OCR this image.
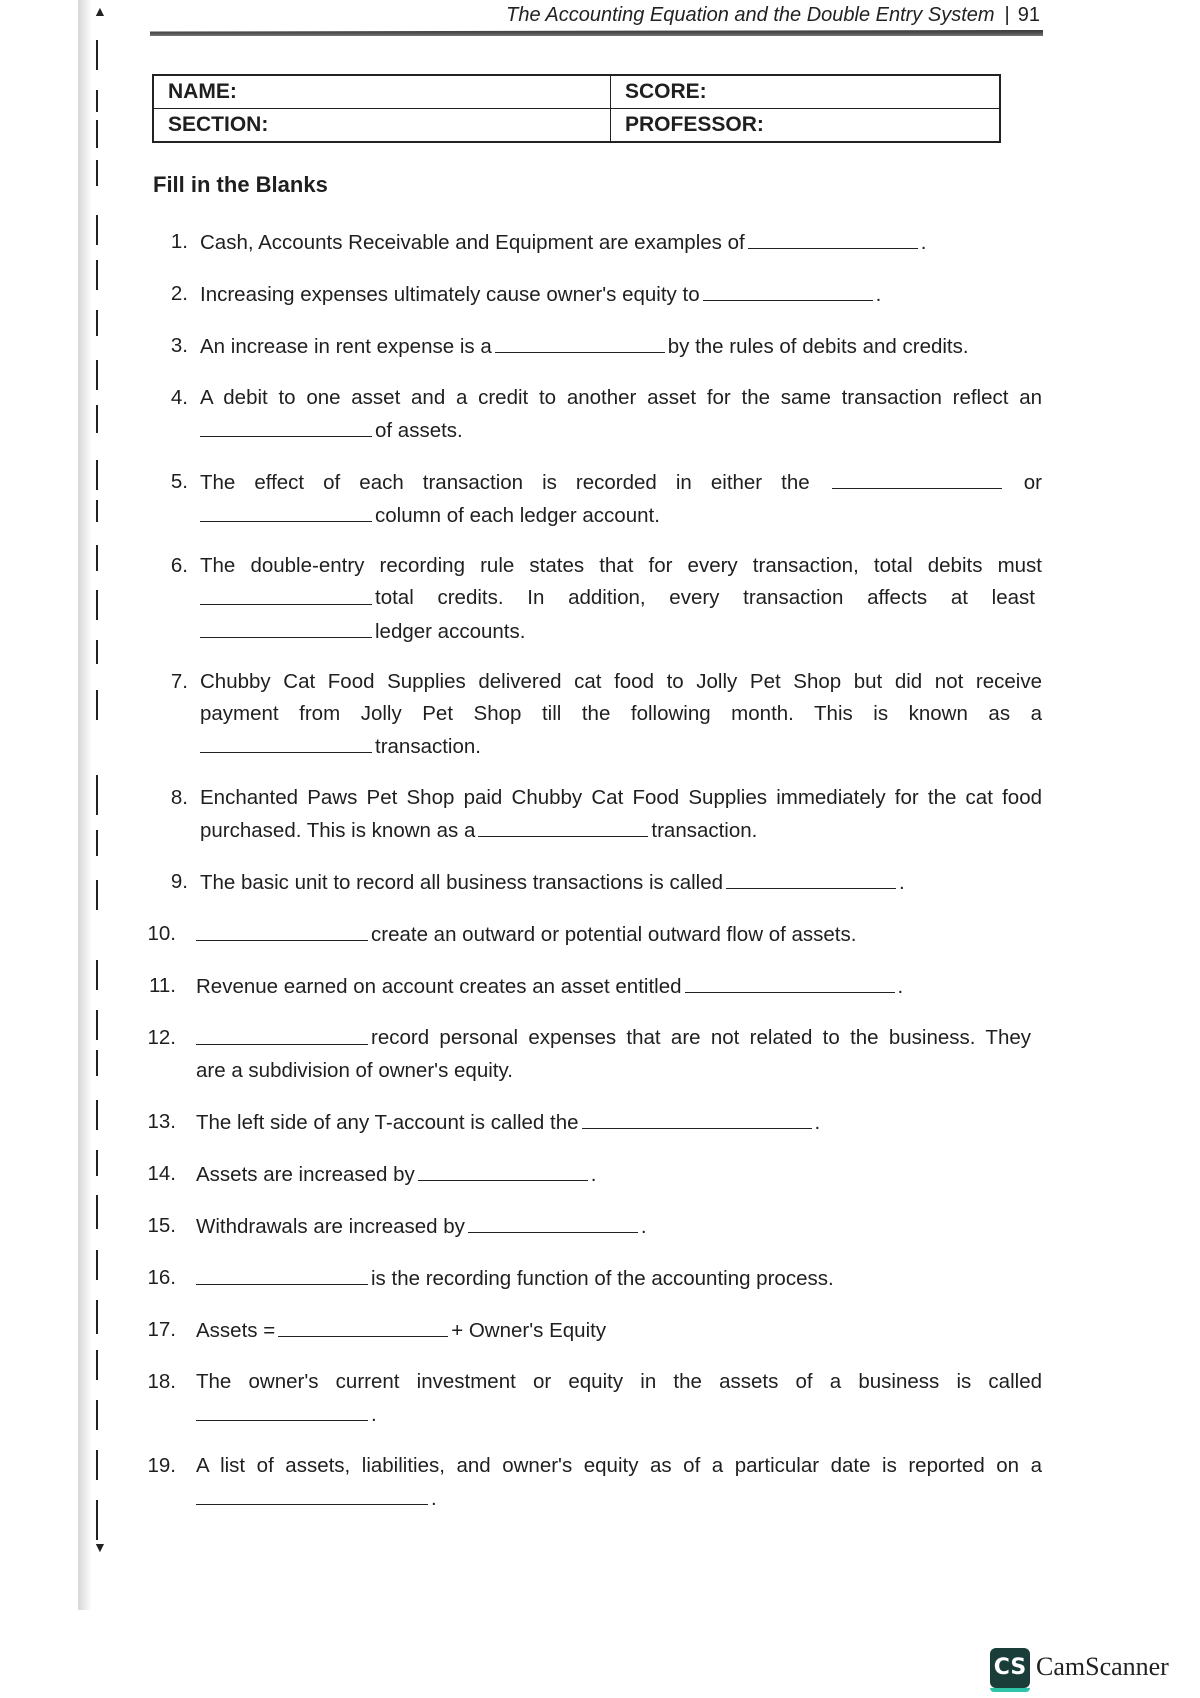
▲
▼
The Accounting Equation and the Double Entry System | 91
NAME:	SCORE:
SECTION:	PROFESSOR:
Fill in the Blanks
1. Cash, Accounts Receivable and Equipment are examples of	.
2. Increasing expenses ultimately cause owner's equity to	.
3. An increase in rent expense is a	by the rules of debits and credits.
4. A debit to one asset and a credit to another asset for the same transaction reflect an
of assets.
5. The effect of each transaction is recorded in either the	or
column of each ledger account.
6. The double-entry recording rule states that for every transaction, total debits must
total credits. In addition, every transaction affects at least
ledger accounts.
7. Chubby Cat Food Supplies delivered cat food to Jolly Pet Shop but did not receive
payment from Jolly Pet Shop till the following month. This is known as a
transaction.
8. Enchanted Paws Pet Shop paid Chubby Cat Food Supplies immediately for the cat food
purchased. This is known as a	transaction.
9. The basic unit to record all business transactions is called	.
10.	create an outward or potential outward flow of assets.
11. Revenue earned on account creates an asset entitled	.
12.	record personal expenses that are not related to the business. They
are a subdivision of owner's equity.
13. The left side of any T-account is called the	.
14. Assets are increased by	.
15. Withdrawals are increased by	.
16.	is the recording function of the accounting process.
17. Assets =	+ Owner's Equity
18. The owner's current investment or equity in the assets of a business is called
.
19. A list of assets, liabilities, and owner's equity as of a particular date is reported on a
.
CS CamScanner
